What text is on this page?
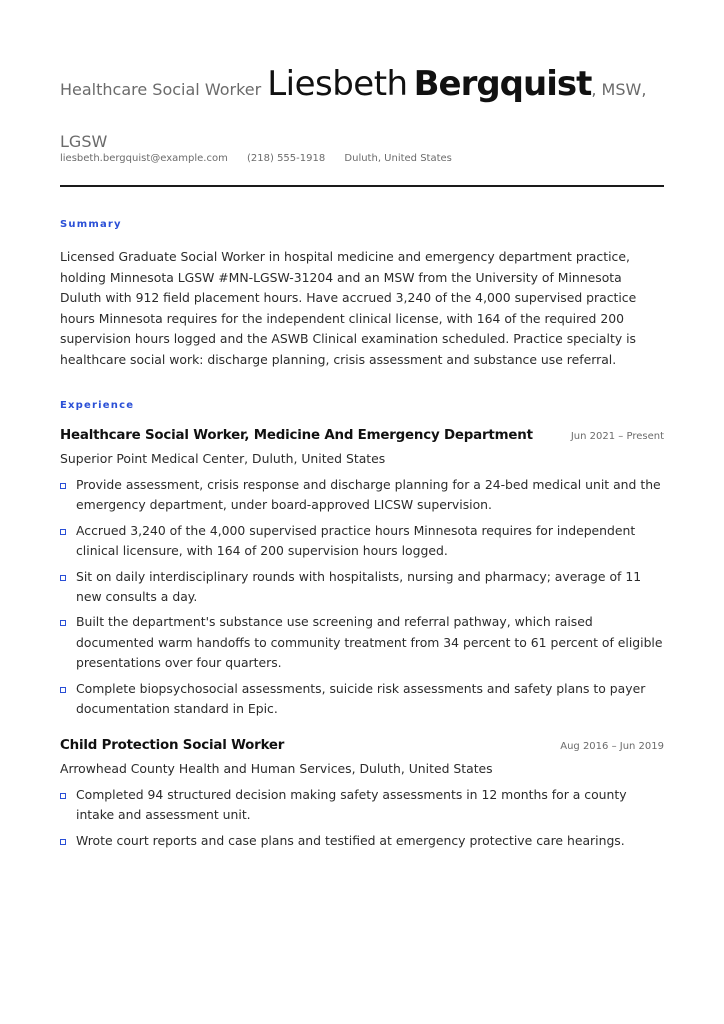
Healthcare Social Worker Liesbeth Bergquist, MSW, LGSW
liesbeth.bergquist@example.com (218) 555-1918 Duluth, United States
Summary
Licensed Graduate Social Worker in hospital medicine and emergency department practice, holding Minnesota LGSW #MN-LGSW-31204 and an MSW from the University of Minnesota Duluth with 912 field placement hours. Have accrued 3,240 of the 4,000 supervised practice hours Minnesota requires for the independent clinical license, with 164 of the required 200 supervision hours logged and the ASWB Clinical examination scheduled. Practice specialty is healthcare social work: discharge planning, crisis assessment and substance use referral.
Experience
Healthcare Social Worker, Medicine And Emergency Department	Jun 2021 – Present
Superior Point Medical Center, Duluth, United States
Provide assessment, crisis response and discharge planning for a 24-bed medical unit and the emergency department, under board-approved LICSW supervision.
Accrued 3,240 of the 4,000 supervised practice hours Minnesota requires for independent clinical licensure, with 164 of 200 supervision hours logged.
Sit on daily interdisciplinary rounds with hospitalists, nursing and pharmacy; average of 11 new consults a day.
Built the department's substance use screening and referral pathway, which raised documented warm handoffs to community treatment from 34 percent to 61 percent of eligible presentations over four quarters.
Complete biopsychosocial assessments, suicide risk assessments and safety plans to payer documentation standard in Epic.
Child Protection Social Worker	Aug 2016 – Jun 2019
Arrowhead County Health and Human Services, Duluth, United States
Completed 94 structured decision making safety assessments in 12 months for a county intake and assessment unit.
Wrote court reports and case plans and testified at emergency protective care hearings.
